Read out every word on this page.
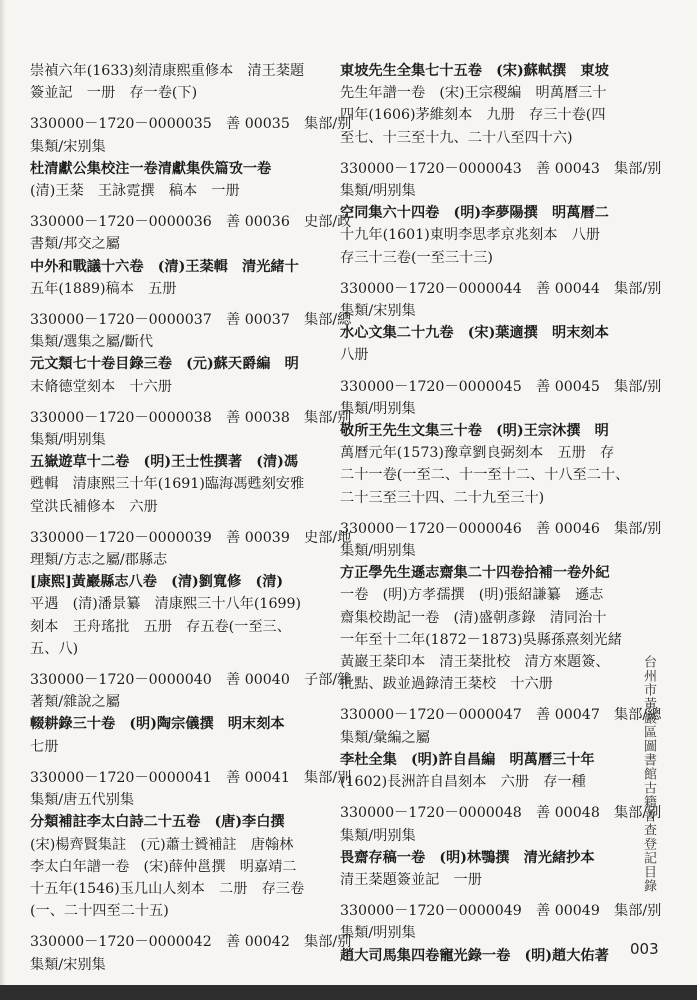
崇禎六年(1633)刻清康熙重修本　清王棻題
簽並記　一册　存一卷(下)
330000－1720－0000035　善 00035　集部/别
集類/宋别集
杜清獻公集校注一卷清獻集佚篇攷一卷
(清)王棻　王詠霓撰　稿本　一册
330000－1720－0000036　善 00036　史部/政
書類/邦交之屬
中外和戰議十六卷　(清)王棻輯　清光緒十
五年(1889)稿本　五册
330000－1720－0000037　善 00037　集部/總
集類/選集之屬/斷代
元文類七十卷目錄三卷　(元)蘇天爵編　明
末脩德堂刻本　十六册
330000－1720－0000038　善 00038　集部/别
集類/明别集
五嶽遊草十二卷　(明)王士性撰著　(清)馮
甦輯　清康熙三十年(1691)臨海馮甦刻安雅
堂洪氏補修本　六册
330000－1720－0000039　善 00039　史部/地
理類/方志之屬/郡縣志
[康熙]黃巖縣志八卷　(清)劉寬修　(清)
平遇　(清)潘景纂　清康熙三十八年(1699)
刻本　王舟瑤批　五册　存五卷(一至三、
五、八)
330000－1720－0000040　善 00040　子部/雜
著類/雜說之屬
輟耕錄三十卷　(明)陶宗儀撰　明末刻本
七册
330000－1720－0000041　善 00041　集部/别
集類/唐五代别集
分類補註李太白詩二十五卷　(唐)李白撰
(宋)楊齊賢集註　(元)蕭士贇補註　唐翰林
李太白年譜一卷　(宋)薛仲邕撰　明嘉靖二
十五年(1546)玉几山人刻本　二册　存三卷
(一、二十四至二十五)
330000－1720－0000042　善 00042　集部/别
集類/宋别集
東坡先生全集七十五卷　(宋)蘇軾撰　東坡
先生年譜一卷　(宋)王宗稷編　明萬曆三十
四年(1606)茅維刻本　九册　存三十卷(四
至七、十三至十九、二十八至四十六)
330000－1720－0000043　善 00043　集部/别
集類/明别集
空同集六十四卷　(明)李夢陽撰　明萬曆二
十九年(1601)東明李思孝京兆刻本　八册
存三十三卷(一至三十三)
330000－1720－0000044　善 00044　集部/别
集類/宋别集
水心文集二十九卷　(宋)葉適撰　明末刻本
八册
330000－1720－0000045　善 00045　集部/别
集類/明别集
敬所王先生文集三十卷　(明)王宗沐撰　明
萬曆元年(1573)豫章劉良弼刻本　五册　存
二十一卷(一至二、十一至十二、十八至二十、
二十三至三十四、二十九至三十)
330000－1720－0000046　善 00046　集部/别
集類/明别集
方正學先生遜志齋集二十四卷拾補一卷外紀
一卷　(明)方孝孺撰　(明)張紹謙纂　遜志
齋集校勘記一卷　(清)盛朝彥錄　清同治十
一年至十二年(1872－1873)吳縣孫熹刻光緒
黃巖王棻印本　清王棻批校　清方來題簽、
批點、跋並過錄清王棻校　十六册
330000－1720－0000047　善 00047　集部/總
集類/彙編之屬
李杜全集　(明)許自昌編　明萬曆三十年
(1602)長洲許自昌刻本　六册　存一種
330000－1720－0000048　善 00048　集部/别
集類/明别集
畏齋存稿一卷　(明)林鶚撰　清光緒抄本
清王棻題簽並記　一册
330000－1720－0000049　善 00049　集部/别
集類/明别集
趙大司馬集四卷寵光錄一卷　(明)趙大佑著
台州市黃巖區圖書館古籍普查登記目錄
003
